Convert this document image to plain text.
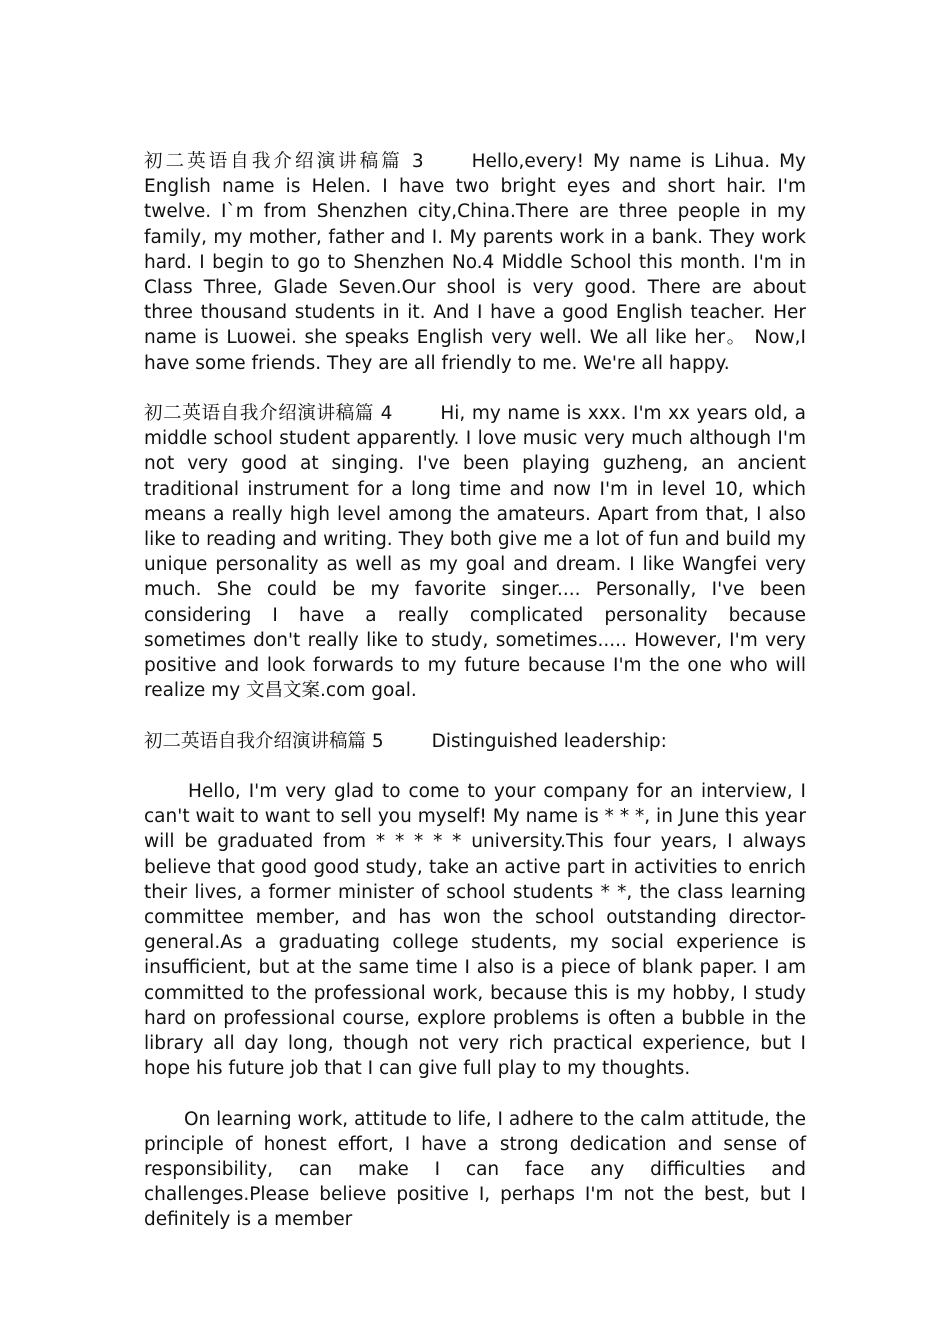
初二英语自我介绍演讲稿篇 3	Hello,every! My name is Lihua. My English name is Helen. I have two bright eyes and short hair. I'm twelve. I`m from Shenzhen city,China.There are three people in my family, my mother, father and I. My parents work in a bank. They work hard. I begin to go to Shenzhen No.4 Middle School this month. I'm in Class Three, Glade Seven.Our shool is very good. There are about three thousand students in it. And I have a good English teacher. Her name is Luowei. she speaks English very well. We all like her。 Now,I have some friends. They are all friendly to me. We're all happy.

初二英语自我介绍演讲稿篇 4	Hi, my name is xxx. I'm xx years old, a middle school student apparently. I love music very much although I'm not very good at singing. I've been playing guzheng, an ancient traditional instrument for a long time and now I'm in level 10, which means a really high level among the amateurs. Apart from that, I also like to reading and writing. They both give me a lot of fun and build my unique personality as well as my goal and dream. I like Wangfei very much. She could be my favorite singer.... Personally, I've been considering I have a really complicated personality because sometimes don't really like to study, sometimes..... However, I'm very positive and look forwards to my future because I'm the one who will realize my 文昌文案.com goal.

初二英语自我介绍演讲稿篇 5	Distinguished leadership:

Hello, I'm very glad to come to your company for an interview, I can't wait to want to sell you myself! My name is * * *, in June this year will be graduated from * * * * * university.This four years, I always believe that good good study, take an active part in activities to enrich their lives, a former minister of school students * *, the class learning committee member, and has won the school outstanding director-general.As a graduating college students, my social experience is insufficient, but at the same time I also is a piece of blank paper. I am committed to the professional work, because this is my hobby, I study hard on professional course, explore problems is often a bubble in the library all day long, though not very rich practical experience, but I hope his future job that I can give full play to my thoughts.

On learning work, attitude to life, I adhere to the calm attitude, the principle of honest effort, I have a strong dedication and sense of responsibility, can make I can face any difficulties and challenges.Please believe positive I, perhaps I'm not the best, but I definitely is a member
